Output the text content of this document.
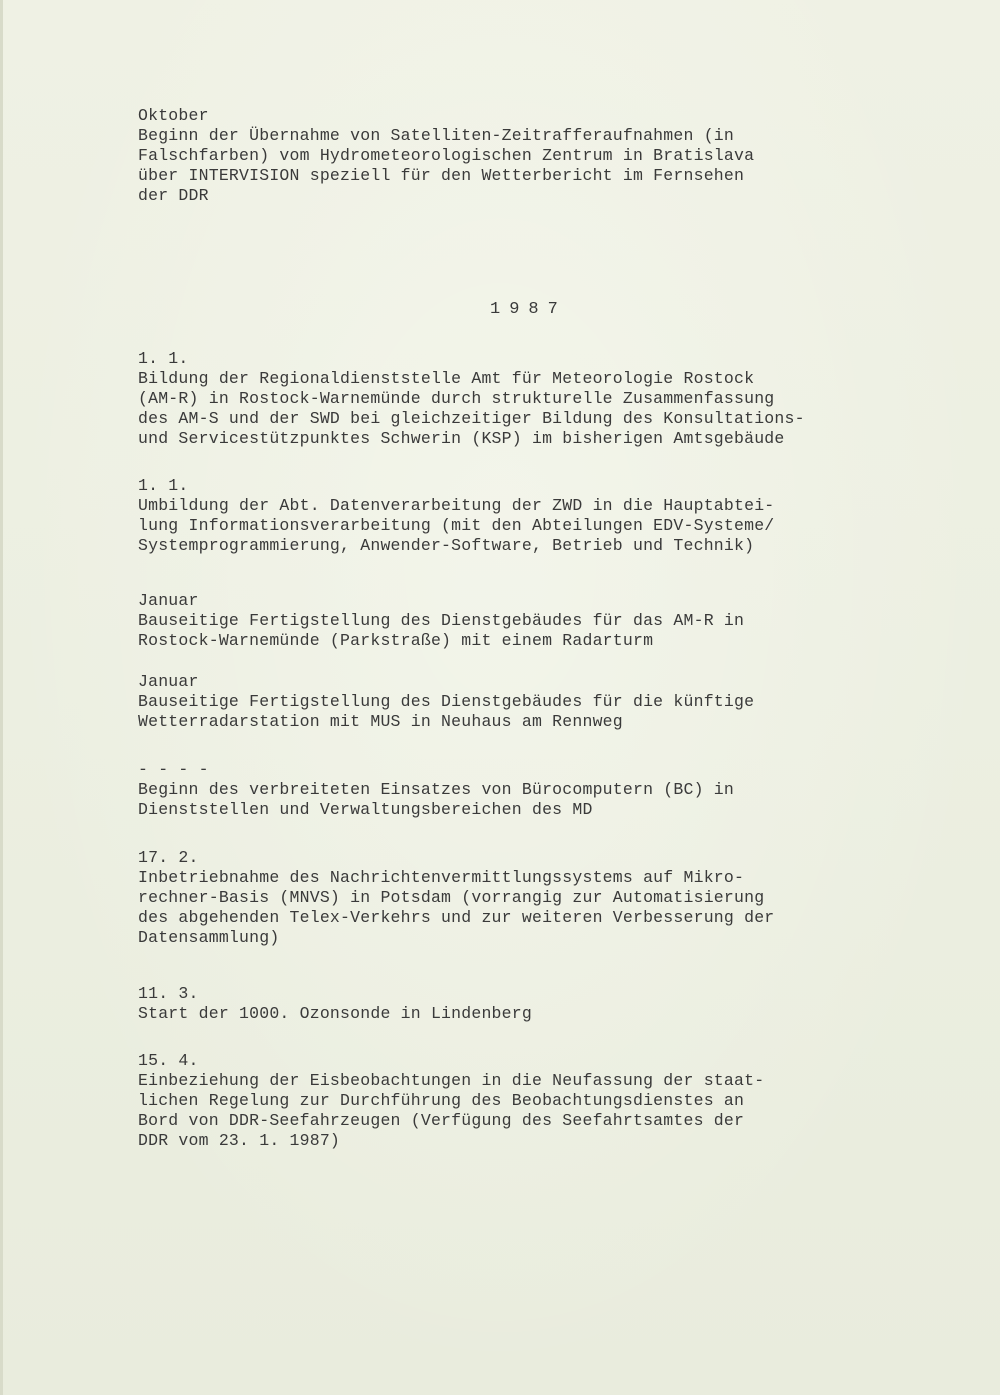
Oktober
Beginn der Übernahme von Satelliten-Zeitrafferaufnahmen (in
Falschfarben) vom Hydrometeorologischen Zentrum in Bratislava
über INTERVISION speziell für den Wetterbericht im Fernsehen
der DDR
1987
1. 1.
Bildung der Regionaldienststelle Amt für Meteorologie Rostock
(AM-R) in Rostock-Warnemünde durch strukturelle Zusammenfassung
des AM-S und der SWD bei gleichzeitiger Bildung des Konsultations-
und Servicestützpunktes Schwerin (KSP) im bisherigen Amtsgebäude
1. 1.
Umbildung der Abt. Datenverarbeitung der ZWD in die Hauptabtei-
lung Informationsverarbeitung (mit den Abteilungen EDV-Systeme/
Systemprogrammierung, Anwender-Software, Betrieb und Technik)
Januar
Bauseitige Fertigstellung des Dienstgebäudes für das AM-R in
Rostock-Warnemünde (Parkstraße) mit einem Radarturm
Januar
Bauseitige Fertigstellung des Dienstgebäudes für die künftige
Wetterradarstation mit MUS in Neuhaus am Rennweg
- - - -
Beginn des verbreiteten Einsatzes von Bürocomputern (BC) in
Dienststellen und Verwaltungsbereichen des MD
17. 2.
Inbetriebnahme des Nachrichtenvermittlungssystems auf Mikro-
rechner-Basis (MNVS) in Potsdam (vorrangig zur Automatisierung
des abgehenden Telex-Verkehrs und zur weiteren Verbesserung der
Datensammlung)
11. 3.
Start der 1000. Ozonsonde in Lindenberg
15. 4.
Einbeziehung der Eisbeobachtungen in die Neufassung der staat-
lichen Regelung zur Durchführung des Beobachtungsdienstes an
Bord von DDR-Seefahrzeugen (Verfügung des Seefahrtsamtes der
DDR vom 23. 1. 1987)
